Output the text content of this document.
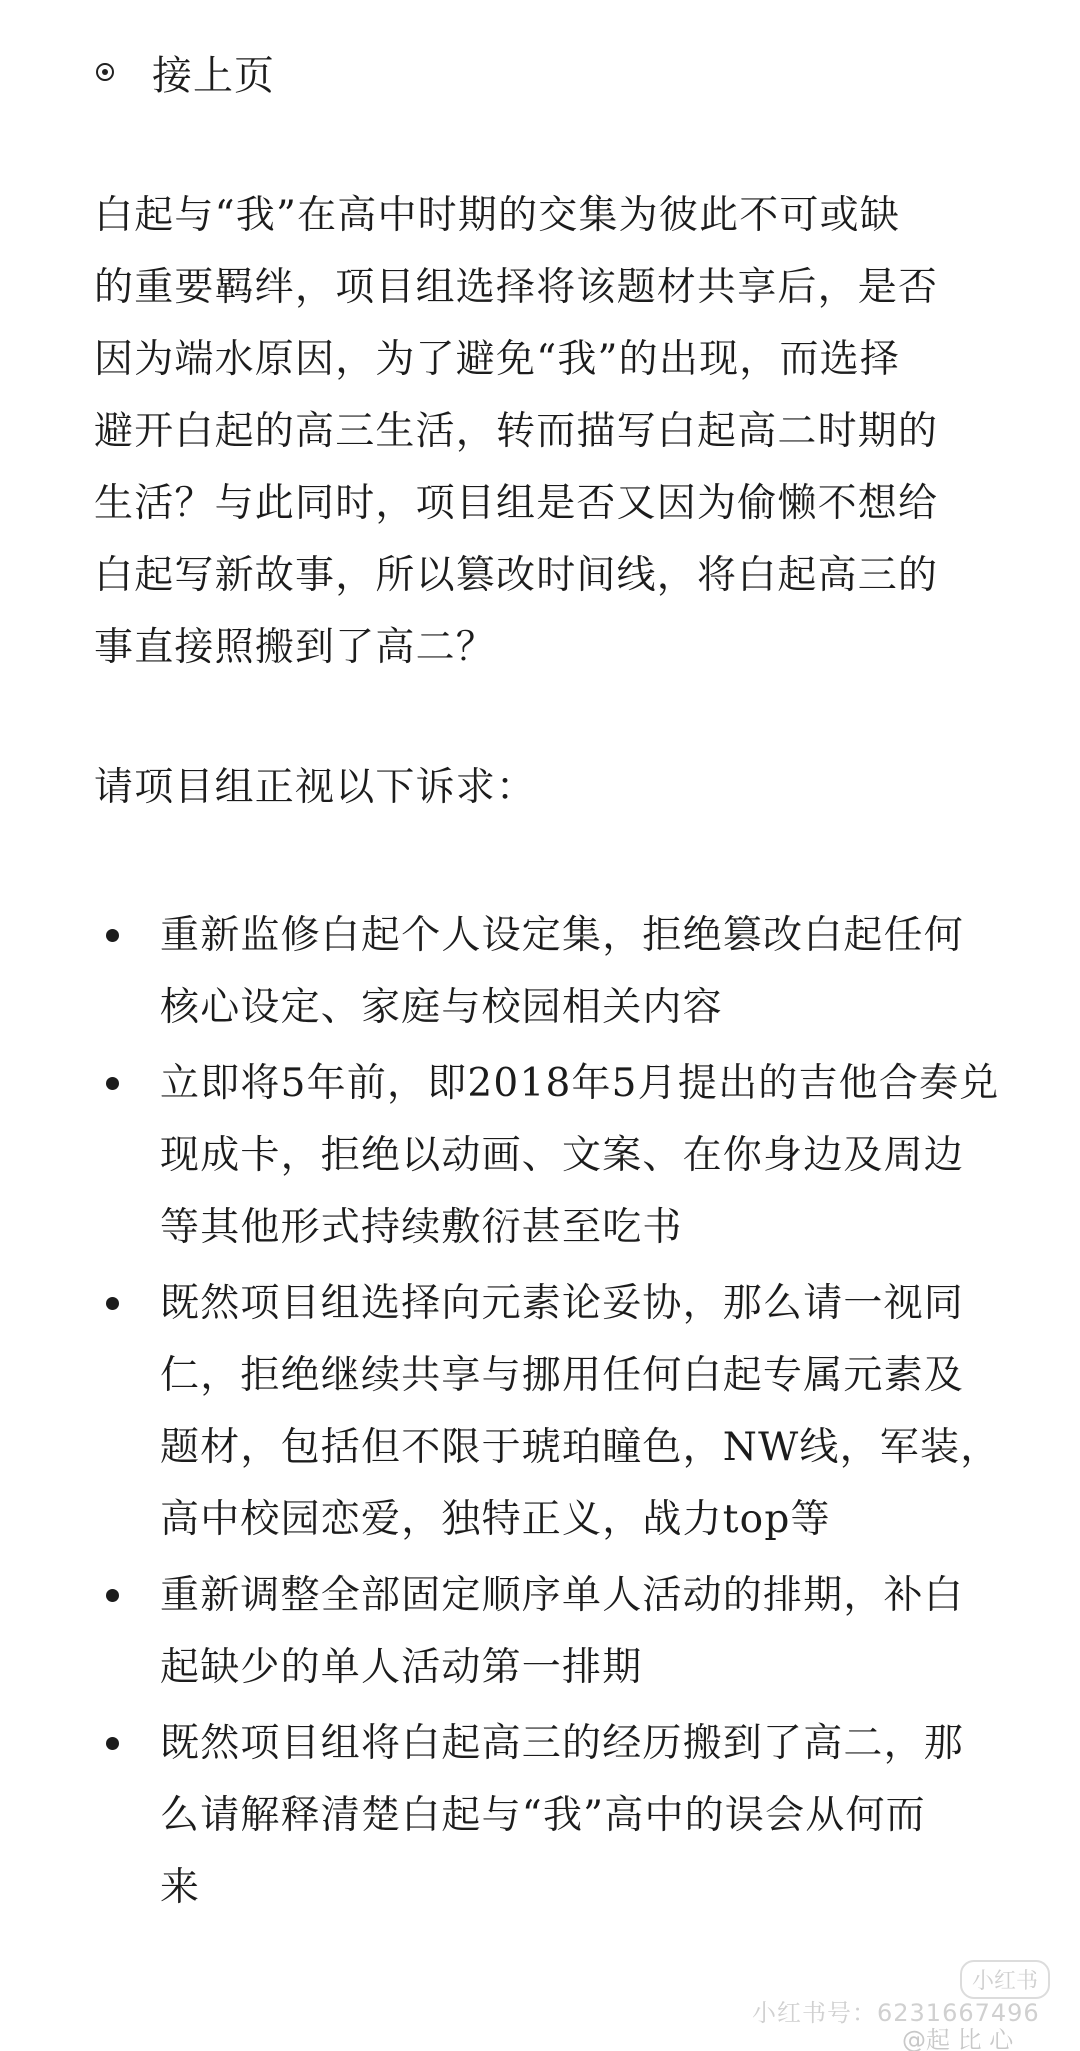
接上页

白起与“我”在高中时期的交集为彼此不可或缺
的重要羁绊，项目组选择将该题材共享后，是否
因为端水原因，为了避免“我”的出现，而选择
避开白起的高三生活，转而描写白起高二时期的
生活？与此同时，项目组是否又因为偷懒不想给
白起写新故事，所以篡改时间线，将白起高三的
事直接照搬到了高二？

请项目组正视以下诉求：

重新监修白起个人设定集，拒绝篡改白起任何
核心设定、家庭与校园相关内容
立即将5年前，即2018年5月提出的吉他合奏兑
现成卡，拒绝以动画、文案、在你身边及周边
等其他形式持续敷衍甚至吃书
既然项目组选择向元素论妥协，那么请一视同
仁，拒绝继续共享与挪用任何白起专属元素及
题材，包括但不限于琥珀瞳色，NW线，军装，
高中校园恋爱，独特正义，战力top等
重新调整全部固定顺序单人活动的排期，补白
起缺少的单人活动第一排期
既然项目组将白起高三的经历搬到了高二，那
么请解释清楚白起与“我”高中的误会从何而
来
小红书
小红书号：6231667496
@起 比 心
